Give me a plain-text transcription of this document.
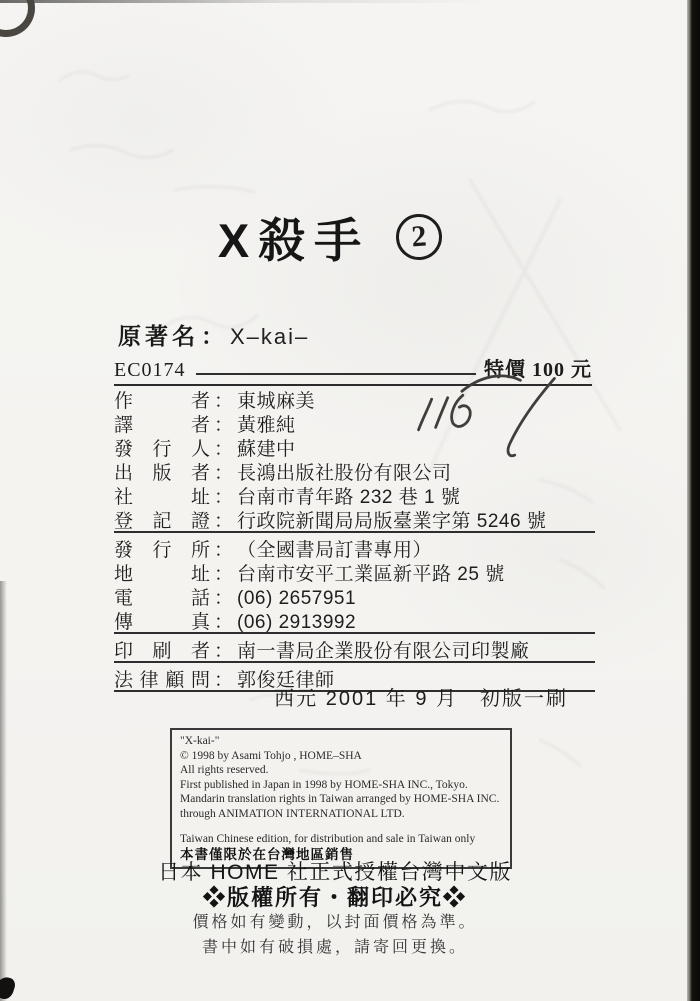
X殺手	2
原著名 ： X–kai–
EC0174	特價 100 元
作者 ： 東城麻美
譯者 ： 黃雅純
發行人 ： 蘇建中
出版者 ： 長鴻出版社股份有限公司
社址 ： 台南市青年路 232 巷 1 號
登記證 ： 行政院新聞局局版臺業字第 5246 號
發行所 ： （全國書局訂書專用）
地址 ： 台南市安平工業區新平路 25 號
電話 ： (06) 2657951
傳真 ： (06) 2913992
印刷者 ： 南一書局企業股份有限公司印製廠
法律顧問 ： 郭俊廷律師
西元 2001 年 9 月　初版一刷
"X-kai-"
© 1998 by Asami Tohjo , HOME–SHA
All rights reserved.
First published in Japan in 1998 by HOME-SHA INC., Tokyo.
Mandarin translation rights in Taiwan arranged by HOME-SHA INC.
through ANIMATION INTERNATIONAL LTD.
Taiwan Chinese edition, for distribution and sale in Taiwan only
本書僅限於在台灣地區銷售
日本 HOME 社正式授權台灣中文版
❖版權所有・翻印必究❖
價格如有變動，以封面價格為準。
書中如有破損處，請寄回更換。
